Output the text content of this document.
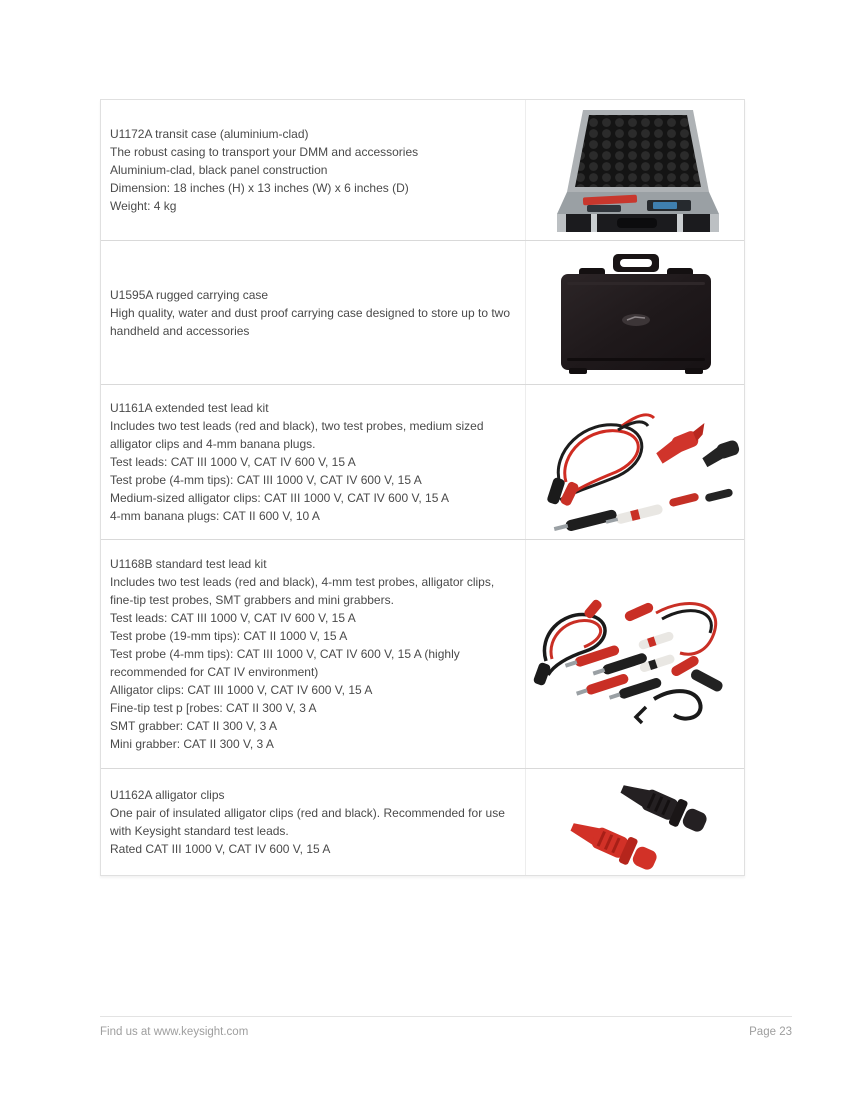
U1172A transit case (aluminium-clad)
The robust casing to transport your DMM and accessories
Aluminium-clad, black panel construction
Dimension: 18 inches (H) x 13 inches (W) x 6 inches (D)
Weight: 4 kg
U1595A rugged carrying case
High quality, water and dust proof carrying case designed to store up to two handheld and accessories
U1161A extended test lead kit
Includes two test leads (red and black), two test probes, medium sized alligator clips and 4-mm banana plugs.
Test leads: CAT III 1000 V, CAT IV 600 V, 15 A
Test probe (4-mm tips): CAT III 1000 V, CAT IV 600 V, 15 A
Medium-sized alligator clips: CAT III 1000 V, CAT IV 600 V, 15 A
4-mm banana plugs: CAT II 600 V, 10 A
U1168B standard test lead kit
Includes two test leads (red and black), 4-mm test probes, alligator clips, fine-tip test probes, SMT grabbers and mini grabbers.
Test leads: CAT III 1000 V, CAT IV 600 V, 15 A
Test probe (19-mm tips): CAT II 1000 V, 15 A
Test probe (4-mm tips): CAT III 1000 V, CAT IV 600 V, 15 A (highly recommended for CAT IV environment)
Alligator clips: CAT III 1000 V, CAT IV 600 V, 15 A
Fine-tip test p [robes: CAT II 300 V, 3 A
SMT grabber: CAT II 300 V, 3 A
Mini grabber: CAT II 300 V, 3 A
U1162A alligator clips
One pair of insulated alligator clips (red and black). Recommended for use with Keysight standard test leads.
Rated CAT III 1000 V, CAT IV 600 V, 15 A
Find us at www.keysight.com	Page 23
